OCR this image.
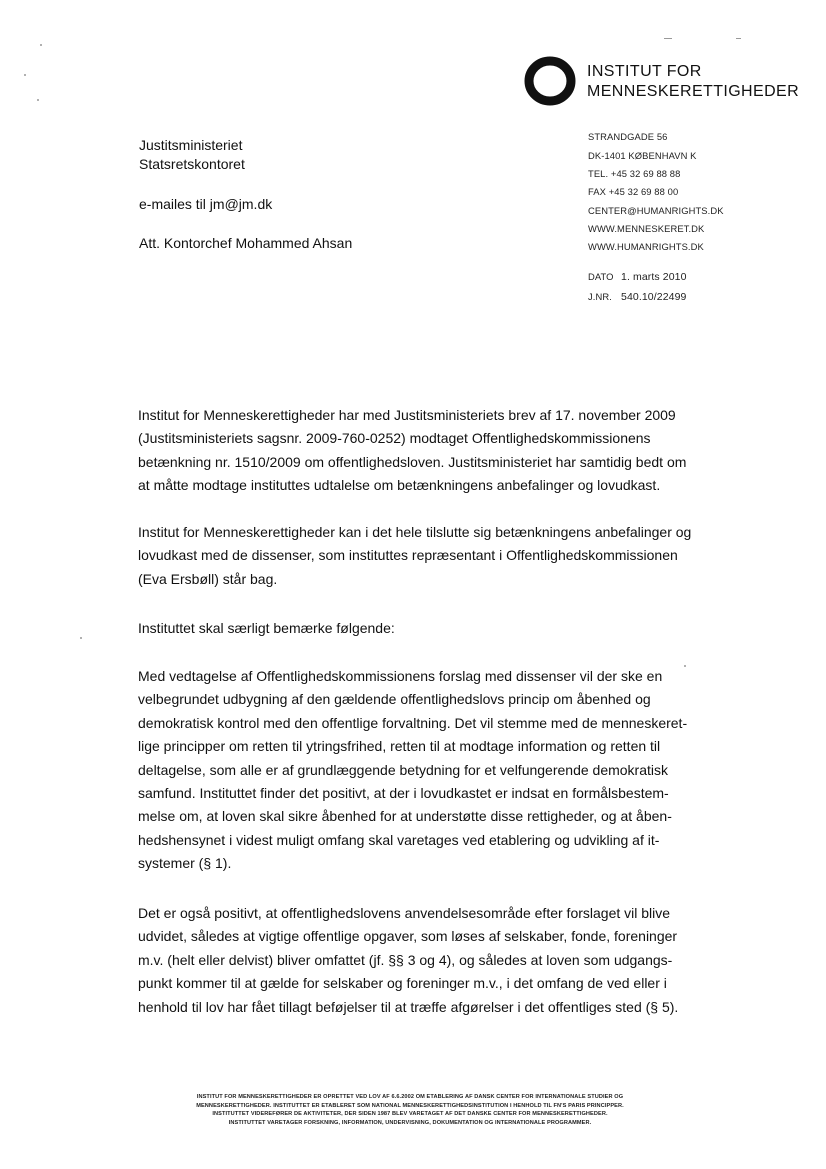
INSTITUT FOR
MENNESKERETTIGHEDER
Justitsministeriet
Statsretskontoret
e-mailes til jm@jm.dk
Att. Kontorchef Mohammed Ahsan
STRANDGADE 56
DK-1401 KØBENHAVN K
TEL. +45 32 69 88 88
FAX +45 32 69 88 00
CENTER@HUMANRIGHTS.DK
WWW.MENNESKERET.DK
WWW.HUMANRIGHTS.DK
DATO 1. marts 2010
J.NR. 540.10/22499
Institut for Menneskerettigheder har med Justitsministeriets brev af 17. november 2009
(Justitsministeriets sagsnr. 2009-760-0252) modtaget Offentlighedskommissionens
betænkning nr. 1510/2009 om offentlighedsloven. Justitsministeriet har samtidig bedt om
at måtte modtage instituttes udtalelse om betænkningens anbefalinger og lovudkast.
Institut for Menneskerettigheder kan i det hele tilslutte sig betænkningens anbefalinger og
lovudkast med de dissenser, som instituttes repræsentant i Offentlighedskommissionen
(Eva Ersbøll) står bag.
Instituttet skal særligt bemærke følgende:
Med vedtagelse af Offentlighedskommissionens forslag med dissenser vil der ske en
velbegrundet udbygning af den gældende offentlighedslovs princip om åbenhed og
demokratisk kontrol med den offentlige forvaltning. Det vil stemme med de menneskeret-
lige principper om retten til ytringsfrihed, retten til at modtage information og retten til
deltagelse, som alle er af grundlæggende betydning for et velfungerende demokratisk
samfund. Instituttet finder det positivt, at der i lovudkastet er indsat en formålsbestem-
melse om, at loven skal sikre åbenhed for at understøtte disse rettigheder, og at åben-
hedshensynet i videst muligt omfang skal varetages ved etablering og udvikling af it-
systemer (§ 1).
Det er også positivt, at offentlighedslovens anvendelsesområde efter forslaget vil blive
udvidet, således at vigtige offentlige opgaver, som løses af selskaber, fonde, foreninger
m.v. (helt eller delvist) bliver omfattet (jf. §§ 3 og 4), og således at loven som udgangs-
punkt kommer til at gælde for selskaber og foreninger m.v., i det omfang de ved eller i
henhold til lov har fået tillagt beføjelser til at træffe afgørelser i det offentliges sted (§ 5).
INSTITUT FOR MENNESKERETTIGHEDER ER OPRETTET VED LOV AF 6.6.2002 OM ETABLERING AF DANSK CENTER FOR INTERNATIONALE STUDIER OG
MENNESKERETTIGHEDER. INSTITUTTET ER ETABLERET SOM NATIONAL MENNESKERETTIGHEDSINSTITUTION I HENHOLD TIL FN'S PARIS PRINCIPPER.
INSTITUTTET VIDEREFØRER DE AKTIVITETER, DER SIDEN 1987 BLEV VARETAGET AF DET DANSKE CENTER FOR MENNESKERETTIGHEDER.
INSTITUTTET VARETAGER FORSKNING, INFORMATION, UNDERVISNING, DOKUMENTATION OG INTERNATIONALE PROGRAMMER.
